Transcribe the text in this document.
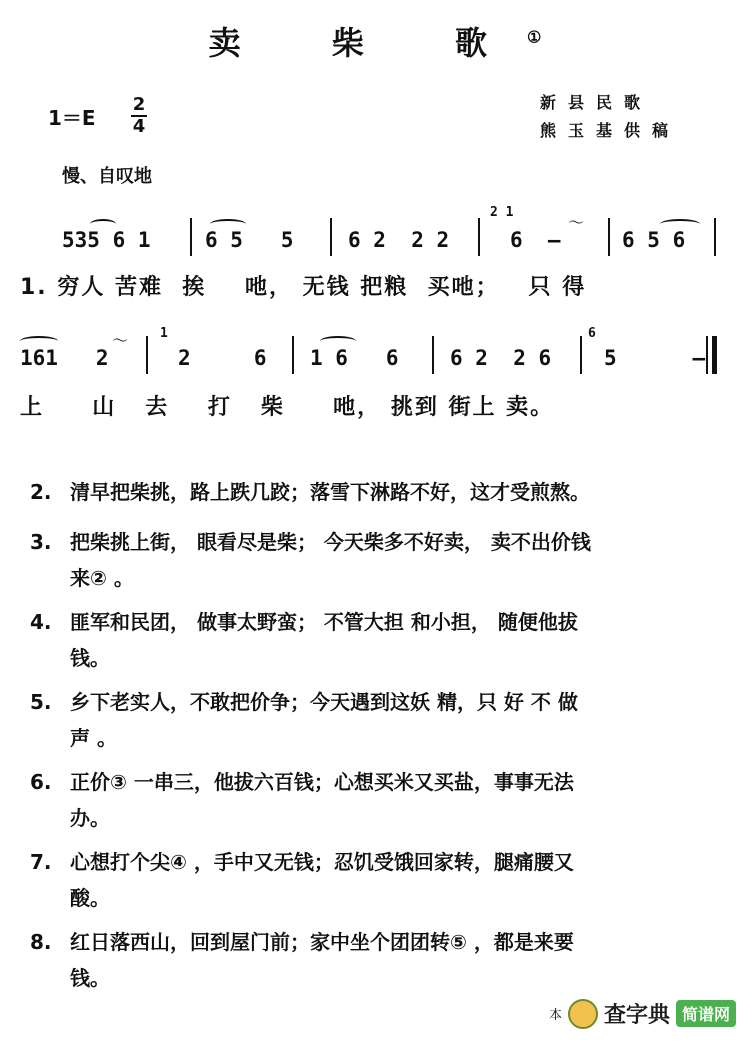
卖 柴 歌①
1＝E
2
4
新县民歌
熊玉基供稿
慢、自叹地
535 6 1	6 5   5	6 2  2 2
2 1
6  –
～
6 5 6
1. 穷人 苦难  挨    吔， 无钱 把粮  买吔；   只 得
161   2
～ 1
2     6 1 6   6 6 2  2 6
6
5      –
上     山   去    打   柴     吔， 挑到 街上 卖。
2. 清早把柴挑，路上跌几跤；落雪下淋路不好，这才受煎熬。
3. 把柴挑上街， 眼看尽是柴； 今天柴多不好卖， 卖不出价钱
来② 。
4. 匪军和民团， 做事太野蛮； 不管大担 和小担， 随便他拔
钱。
5. 乡下老实人，不敢把价争；今天遇到这妖 精，只 好 不 做
声 。
6. 正价③ 一串三，他拔六百钱；心想买米又买盐，事事无法
办。
7. 心想打个尖④ ，手中又无钱；忍饥受饿回家转，腿痛腰又
酸。
8. 红日落西山，回到屋门前；家中坐个团团转⑤ ，都是来要
钱。
本 查字典 简谱网
